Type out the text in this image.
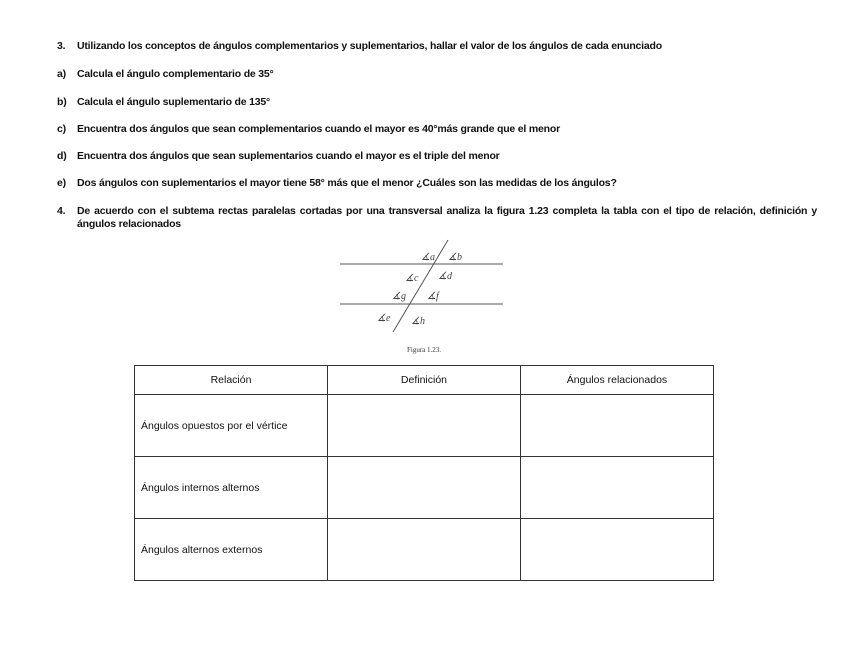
3. Utilizando los conceptos de ángulos complementarios y suplementarios, hallar el valor de los ángulos de cada enunciado
a) Calcula el ángulo complementario de 35°
b) Calcula el ángulo suplementario de 135°
c) Encuentra dos ángulos que sean complementarios cuando el mayor es 40°más grande que el menor
d) Encuentra dos ángulos que sean suplementarios cuando el mayor es el triple del menor
e) Dos ángulos con suplementarios el mayor tiene 58° más que el menor ¿Cuáles son las medidas de los ángulos?
4.	De acuerdo con el subtema rectas paralelas cortadas por una transversal analiza la figura 1.23 completa la tabla con el tipo de relación, definición y ángulos relacionados
∡a ∡b
∡c ∡d
∡g ∡f
∡e ∡h
Figura 1.23.
Relación	Definición	Ángulos relacionados
Ángulos opuestos por el vértice		
Ángulos internos alternos		
Ángulos alternos externos		
